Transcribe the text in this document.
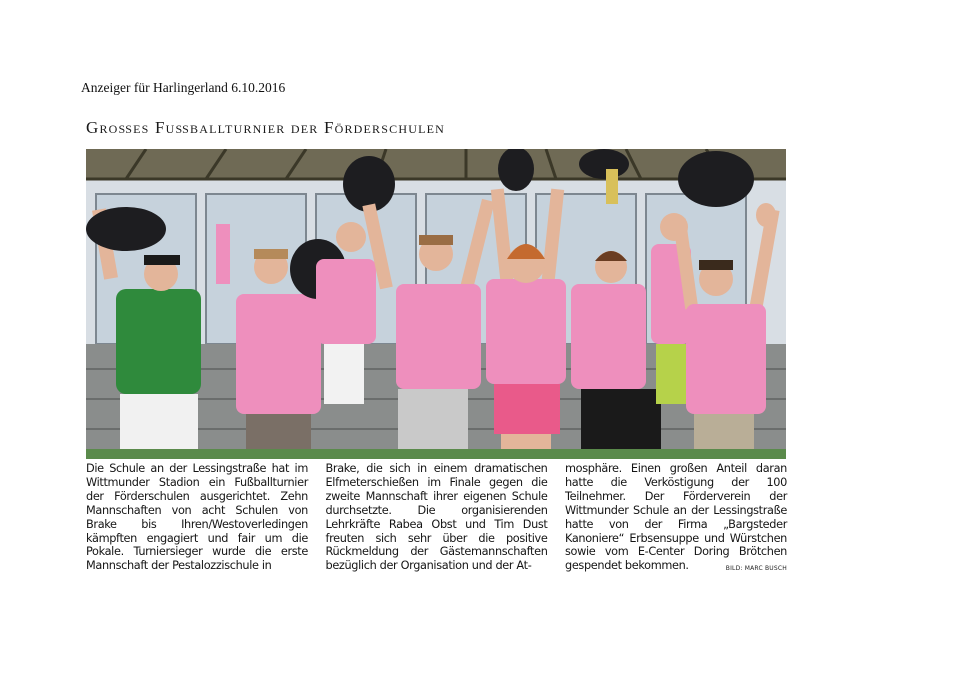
Anzeiger für Harlingerland 6.10.2016
Großes Fußballturnier der Förderschulen
Die Schule an der Lessingstraße hat im Wittmunder Stadion ein Fußballturnier der Förderschulen ausgerichtet. Zehn Mannschaften von acht Schulen von Brake bis Ihren/Westoverledingen kämpften engagiert und fair um die Pokale. Turniersieger wurde die erste Mannschaft der Pestalozzischule in
Brake, die sich in einem dramatischen Elfmeterschießen im Finale gegen die zweite Mannschaft ihrer eigenen Schule durchsetzte. Die organisierenden Lehrkräfte Rabea Obst und Tim Dust freuten sich sehr über die positive Rückmeldung der Gästemannschaften bezüglich der Organisation und der At-
mosphäre. Einen großen Anteil daran hatte die Verköstigung der 100 Teilnehmer. Der Förderverein der Wittmunder Schule an der Lessingstraße hatte von der Firma „Bargsteder Kanoniere“ Erbsensuppe und Würstchen sowie vom E-Center Doring Brötchen gespendet bekommen.	BILD: MARC BUSCH
